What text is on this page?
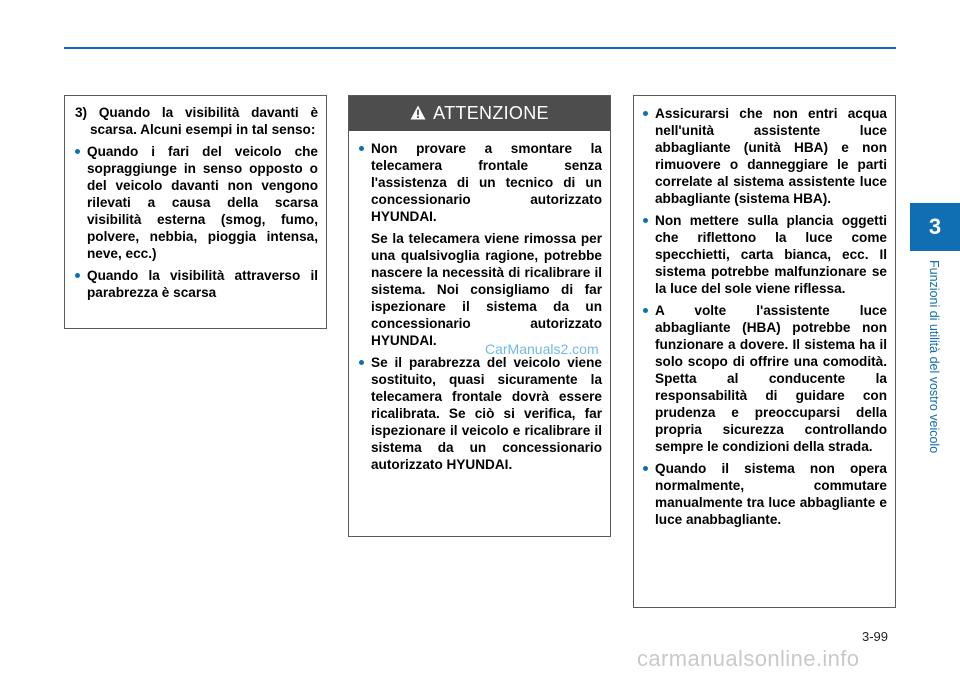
3
Funzioni di utilità del vostro veicolo

3) Quando la visibilità davanti è scarsa. Alcuni esempi in tal senso:

Quando i fari del veicolo che sopraggiunge in senso opposto o del veicolo davanti non vengono rilevati a causa della scarsa visibilità esterna (smog, fumo, polvere, nebbia, pioggia intensa, neve, ecc.)

Quando la visibilità attraverso il parabrezza è scarsa

ATTENZIONE

Non provare a smontare la telecamera frontale senza l'assistenza di un tecnico di un concessionario autorizzato HYUNDAI.

Se la telecamera viene rimossa per una qualsivoglia ragione, potrebbe nascere la necessità di ricalibrare il sistema. Noi consigliamo di far ispezionare il sistema da un concessionario autorizzato HYUNDAI.

Se il parabrezza del veicolo viene sostituito, quasi sicuramente la telecamera frontale dovrà essere ricalibrata. Se ciò si verifica, far ispezionare il veicolo e ricalibrare il sistema da un concessionario autorizzato HYUNDAI.

Assicurarsi che non entri acqua nell'unità assistente luce abbagliante (unità HBA) e non rimuovere o danneggiare le parti correlate al sistema assistente luce abbagliante (sistema HBA).

Non mettere sulla plancia oggetti che riflettono la luce come specchietti, carta bianca, ecc. Il sistema potrebbe malfunzionare se la luce del sole viene riflessa.

A volte l'assistente luce abbagliante (HBA) potrebbe non funzionare a dovere. Il sistema ha il solo scopo di offrire una comodità. Spetta al conducente la responsabilità di guidare con prudenza e preoccuparsi della propria sicurezza controllando sempre le condizioni della strada.

Quando il sistema non opera normalmente, commutare manualmente tra luce abbagliante e luce anabbagliante.

CarManuals2.com
3-99
carmanualsonline.info
